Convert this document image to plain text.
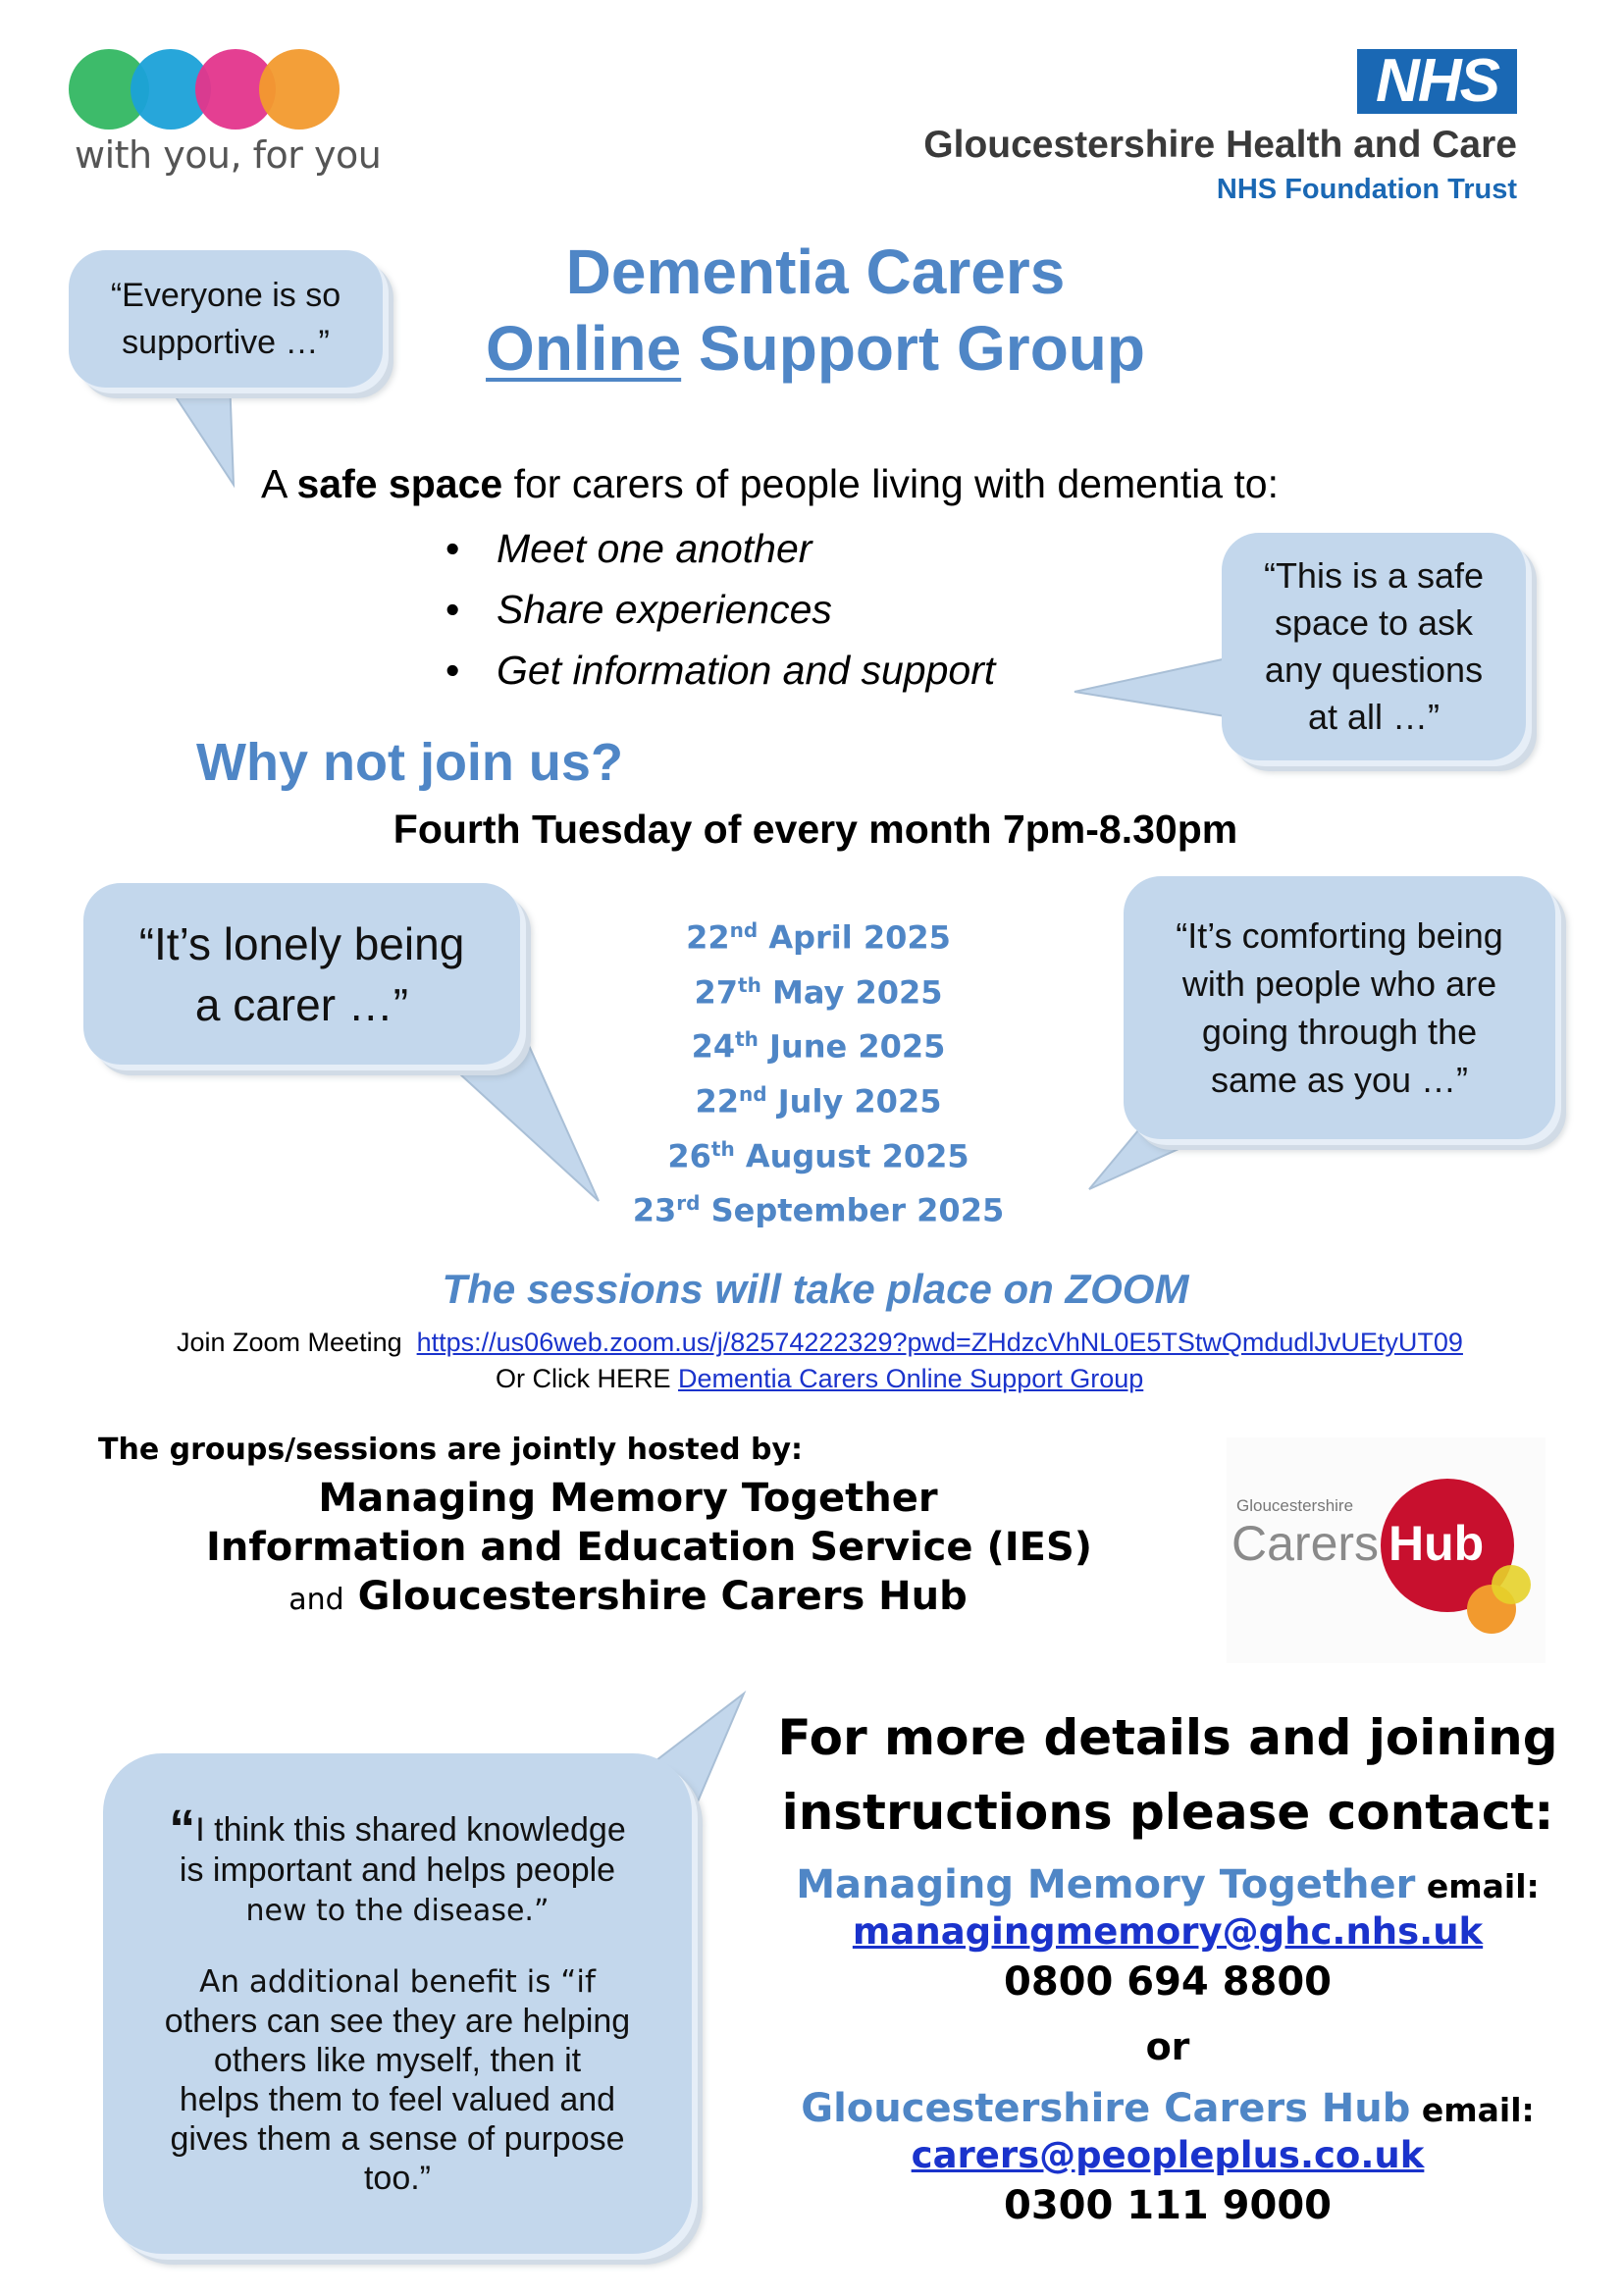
with you, for you
NHS
Gloucestershire Health and Care
NHS Foundation Trust
“Everyone is so
supportive …”
Dementia Carers
Online Support Group
A safe space for carers of people living with dementia to:
• Meet one another
• Share experiences
• Get information and support
“This is a safe
space to ask
any questions
at all …”
Why not join us?
Fourth Tuesday of every month 7pm-8.30pm
“It’s lonely being
a carer …”
22nd April 2025
27th May 2025
24th June 2025
22nd July 2025
26th August 2025
23rd September 2025
“It’s comforting being
with people who are
going through the
same as you …”
The sessions will take place on ZOOM
Join Zoom Meeting https://us06web.zoom.us/j/82574222329?pwd=ZHdzcVhNL0E5TStwQmdudlJvUEtyUT09
Or Click HERE Dementia Carers Online Support Group
The groups/sessions are jointly hosted by:
Managing Memory Together
Information and Education Service (IES)
and Gloucestershire Carers Hub
Gloucestershire
Carers Hub
“I think this shared knowledge
is important and helps people
new to the disease.”
An additional benefit is “if
others can see they are helping
others like myself, then it
helps them to feel valued and
gives them a sense of purpose
too.”
For more details and joining
instructions please contact:
Managing Memory Together email:
managingmemory@ghc.nhs.uk
0800 694 8800
or
Gloucestershire Carers Hub email:
carers@peopleplus.co.uk
0300 111 9000
